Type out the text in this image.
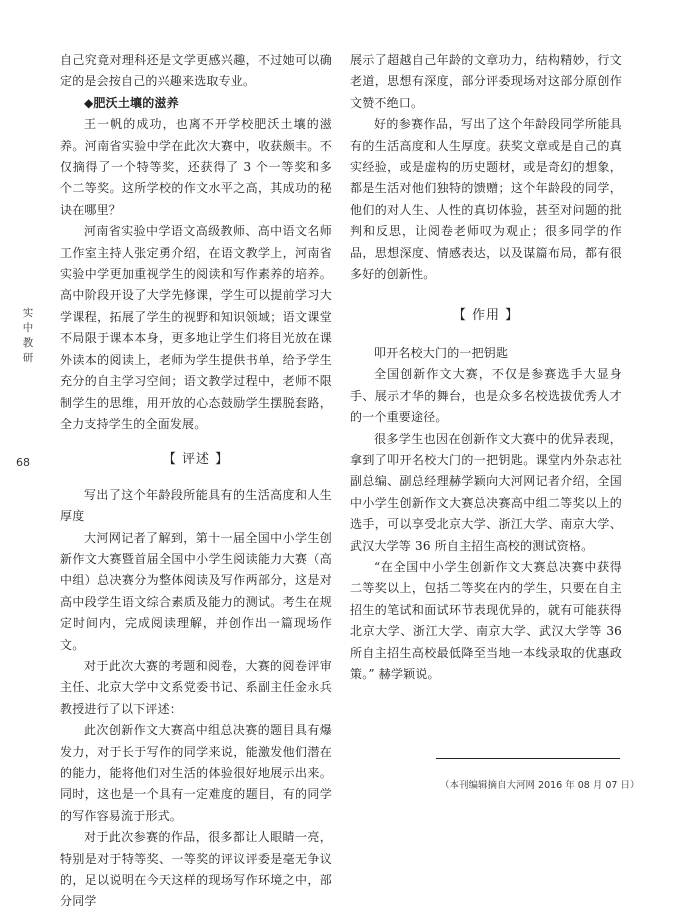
实
中
教
研
68

自己究竟对理科还是文学更感兴趣，不过她可以确定的是会按自己的兴趣来选取专业。

◆肥沃土壤的滋养

王一帆的成功，也离不开学校肥沃土壤的滋养。河南省实验中学在此次大赛中，收获颇丰。不仅摘得了一个特等奖，还获得了 3 个一等奖和多个二等奖。这所学校的作文水平之高，其成功的秘诀在哪里？

河南省实验中学语文高级教师、高中语文名师工作室主持人张定勇介绍，在语文教学上，河南省实验中学更加重视学生的阅读和写作素养的培养。高中阶段开设了大学先修课，学生可以提前学习大学课程，拓展了学生的视野和知识领域；语文课堂不局限于课本本身，更多地让学生们将目光放在课外读本的阅读上，老师为学生提供书单，给予学生充分的自主学习空间；语文教学过程中，老师不限制学生的思维，用开放的心态鼓励学生摆脱套路，全力支持学生的全面发展。

【 评述 】

写出了这个年龄段所能具有的生活高度和人生厚度

大河网记者了解到，第十一届全国中小学生创新作文大赛暨首届全国中小学生阅读能力大赛（高中组）总决赛分为整体阅读及写作两部分，这是对高中段学生语文综合素质及能力的测试。考生在规定时间内，完成阅读理解，并创作出一篇现场作文。

对于此次大赛的考题和阅卷，大赛的阅卷评审主任、北京大学中文系党委书记、系副主任金永兵教授进行了以下评述：

此次创新作文大赛高中组总决赛的题目具有爆发力，对于长于写作的同学来说，能激发他们潜在的能力，能将他们对生活的体验很好地展示出来。同时，这也是一个具有一定难度的题目，有的同学的写作容易流于形式。

对于此次参赛的作品，很多都让人眼睛一亮，特别是对于特等奖、一等奖的评议评委是毫无争议的，足以说明在今天这样的现场写作环境之中，部分同学

展示了超越自己年龄的文章功力，结构精妙，行文老道，思想有深度，部分评委现场对这部分原创作文赞不绝口。

好的参赛作品，写出了这个年龄段同学所能具有的生活高度和人生厚度。获奖文章或是自己的真实经验，或是虚构的历史题材，或是奇幻的想象，都是生活对他们独特的馈赠；这个年龄段的同学，他们的对人生、人性的真切体验，甚至对问题的批判和反思，让阅卷老师叹为观止；很多同学的作品，思想深度、情感表达，以及谋篇布局，都有很多好的创新性。

【 作用 】

叩开名校大门的一把钥匙

全国创新作文大赛，不仅是参赛选手大显身手、展示才华的舞台，也是众多名校选拔优秀人才的一个重要途径。

很多学生也因在创新作文大赛中的优异表现，拿到了叩开名校大门的一把钥匙。课堂内外杂志社副总编、副总经理赫学颖向大河网记者介绍，全国中小学生创新作文大赛总决赛高中组二等奖以上的选手，可以享受北京大学、浙江大学、南京大学、武汉大学等 36 所自主招生高校的测试资格。

“在全国中小学生创新作文大赛总决赛中获得二等奖以上，包括二等奖在内的学生，只要在自主招生的笔试和面试环节表现优异的，就有可能获得北京大学、浙江大学、南京大学、武汉大学等 36 所自主招生高校最低降至当地一本线录取的优惠政策。” 赫学颖说。

（本刊编辑摘自大河网 2016 年 08 月 07 日）
